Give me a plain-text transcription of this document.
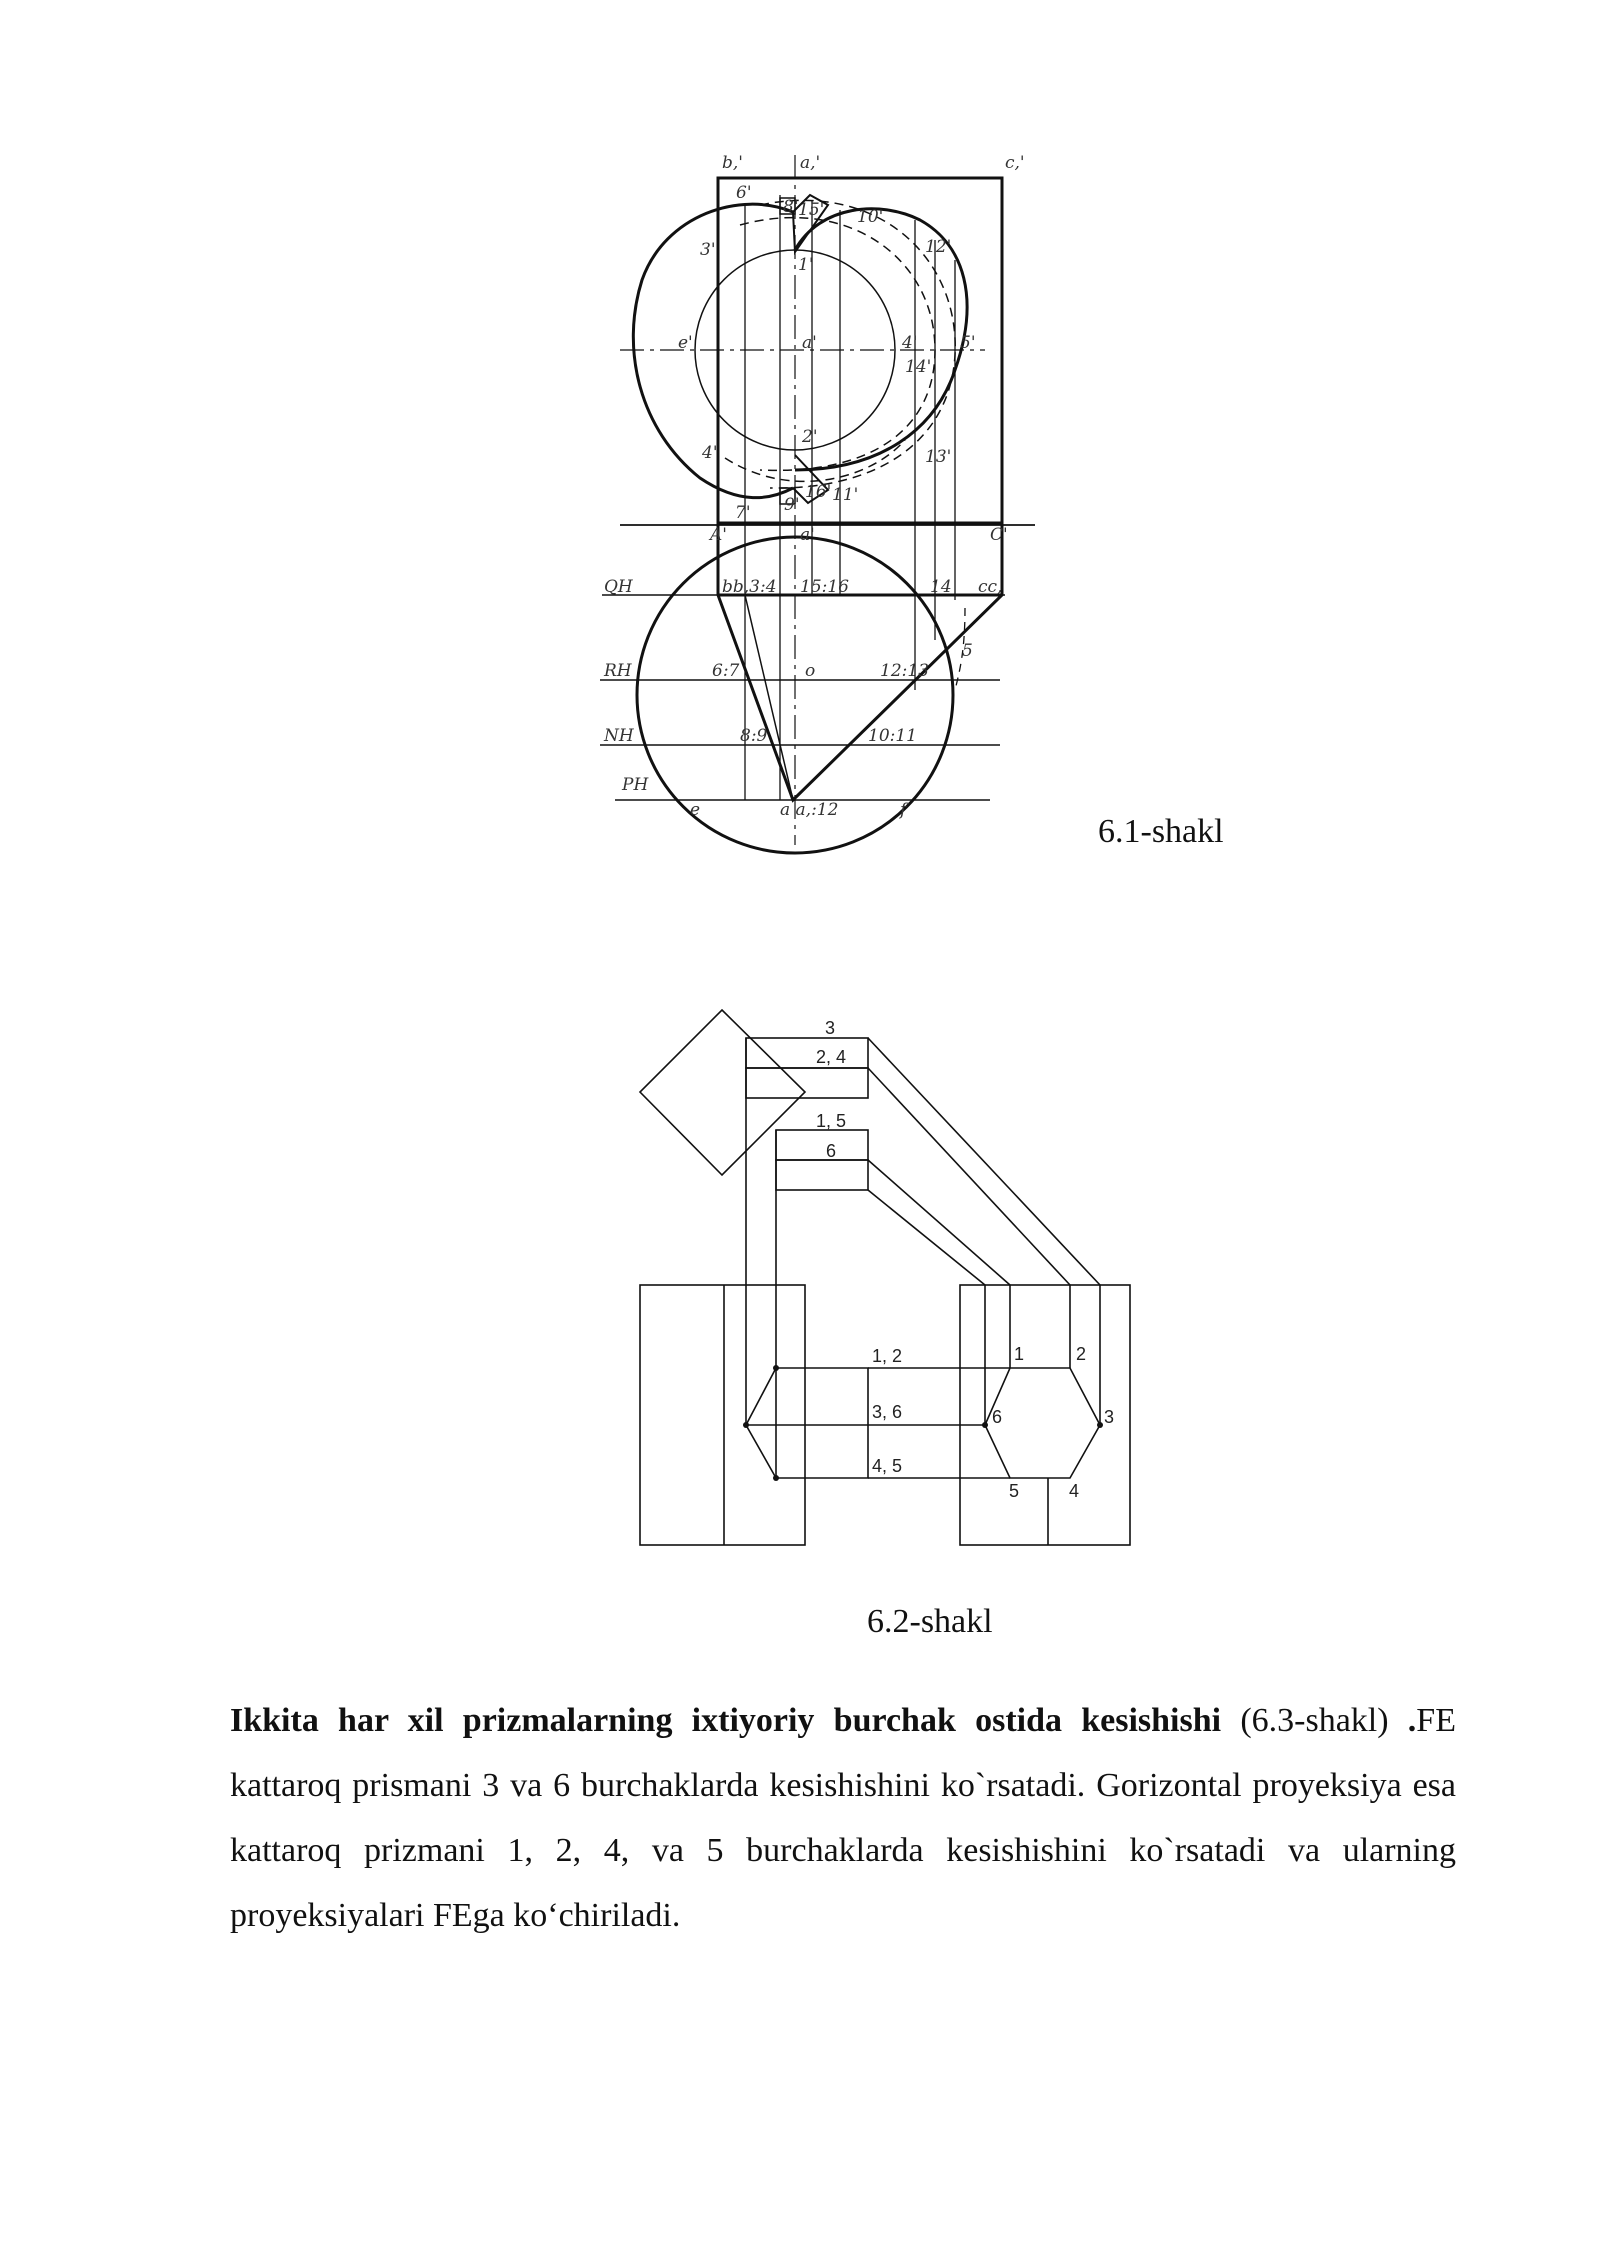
b,'	a,'	c,'
6'
8' 15' 10'
3'	12'
1'
e'	a'	4'	5'
14'
2'
4'	13'
7' 9'
16' 11'
A'	a'	C'
QH	bb,3:4 15:16	14 cc,
RH	6:7	o	12:13
5
NH	8:9	10:11
PH
e	a a,:12	f
6.1-shakl
3
2, 4
1, 5
6
1, 2
3, 6
4, 5
1	2
6	3
5	4
6.2-shakl
Ikkita har xil prizmalarning ixtiyoriy burchak ostida kesishishi (6.3-shakl) .FE kattaroq prismani 3 va 6 burchaklarda kesishishini ko`rsatadi. Gorizontal proyeksiya esa kattaroq prizmani 1, 2, 4, va 5 burchaklarda kesishishini ko`rsatadi va ularning proyeksiyalari FEga ko‘chiriladi.
